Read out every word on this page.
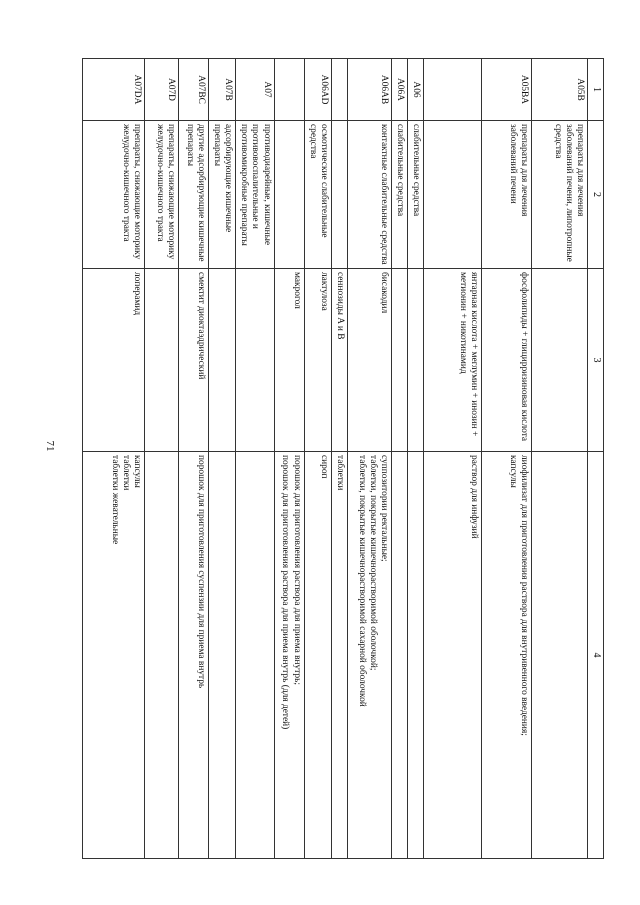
71
1	2	3	4
A05B	препараты для лечения заболеваний печени, липотропные средства		
A05BA	препараты для лечения заболеваний печени	фосфолипиды + глицирризиновая кислота	лиофилизат для приготовления раствора для внутривенного введения;
капсулы

		янтарная кислота + меглумин + инозин + метионин + никотинамид	раствор для инфузий

A06	слабительные средства		
A06A	слабительные средства		
A06AB	контактные слабительные средства	бисакодил	суппозитории ректальные;
таблетки, покрытые кишечнорастворимой оболочкой;
таблетки, покрытые кишечнорастворимой сахарной оболочкой

		сеннозиды A и B	таблетки

A06AD	осмотические слабительные средства	лактулоза	сироп

		макрогол	порошок для приготовления раствора для приема внутрь;
порошок для приготовления раствора для приема внутрь (для детей)

A07	противодиарейные, кишечные противовоспалительные и противомикробные препараты		
A07B	адсорбирующие кишечные препараты		
A07BC	другие адсорбирующие кишечные препараты	смектит диоктаэдрический	порошок для приготовления суспензии для приема внутрь

A07D	препараты, снижающие моторику желудочно-кишечного тракта		
A07DA	препараты, снижающие моторику желудочно-кишечного тракта	лоперамид	капсулы
таблетки
таблетки жевательные
